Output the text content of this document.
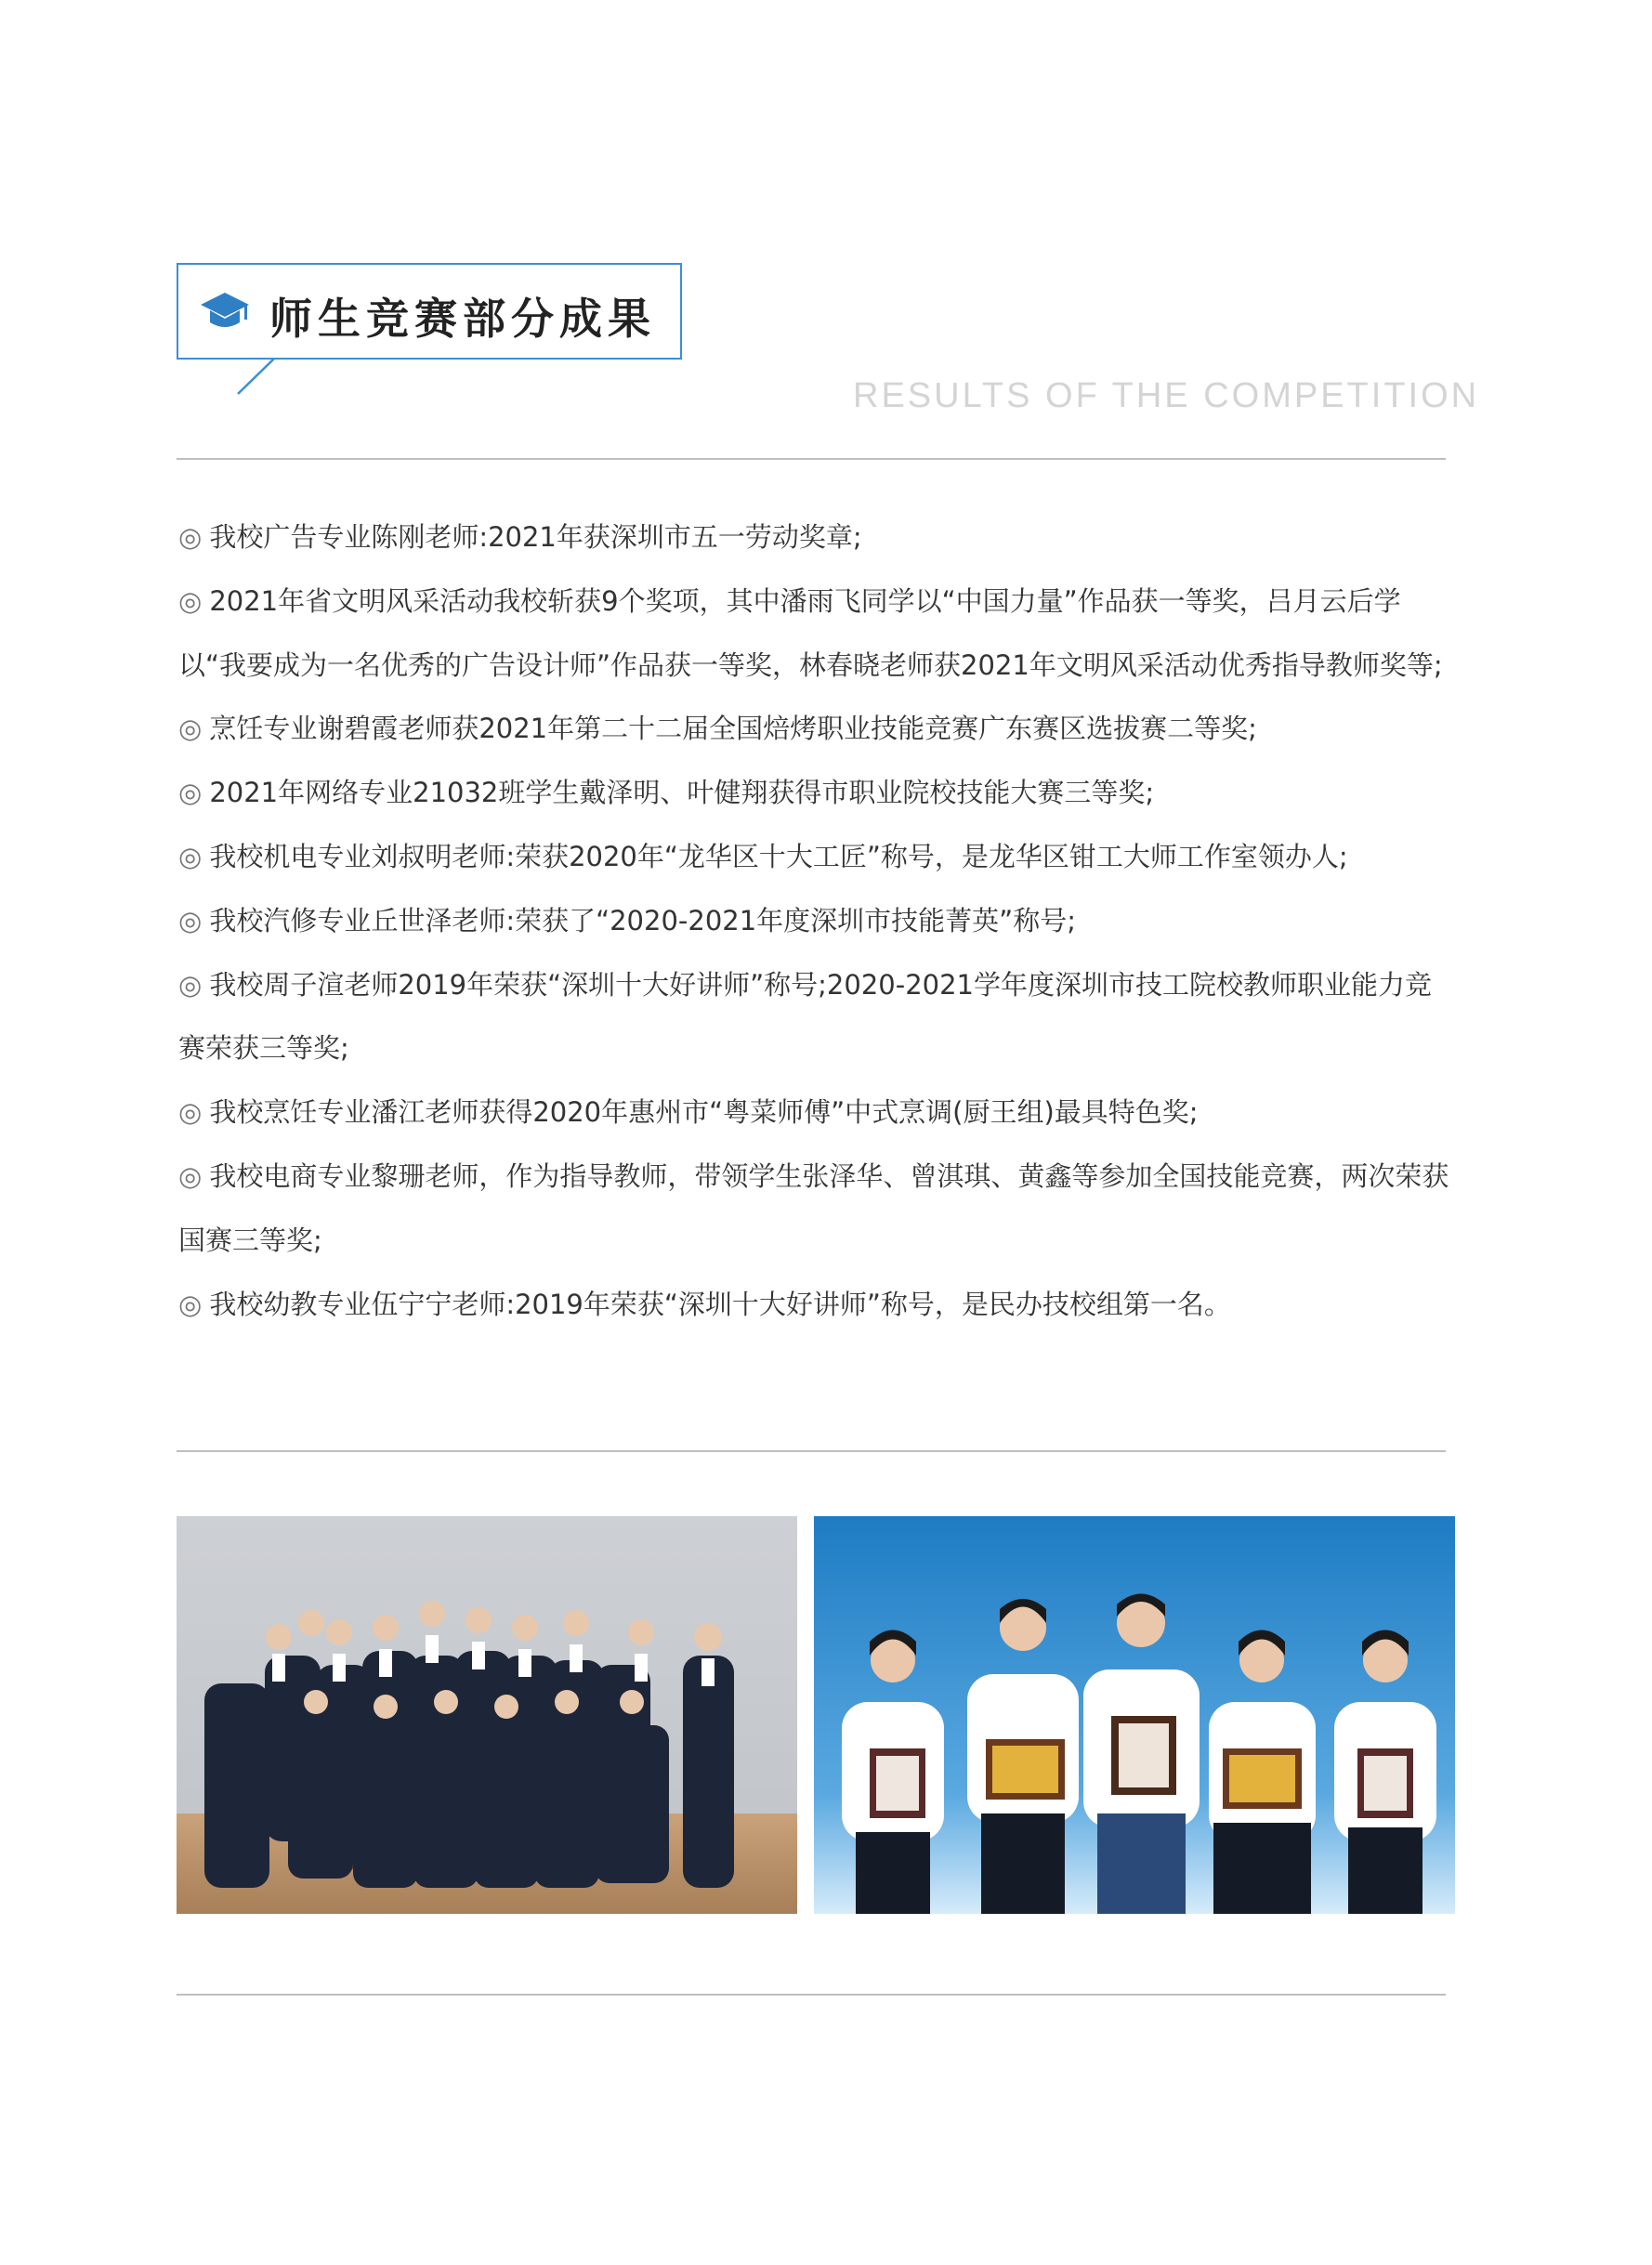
师生竞赛部分成果
RESULTS OF THE COMPETITION

◎ 我校广告专业陈刚老师:2021年获深圳市五一劳动奖章;

◎ 2021年省文明风采活动我校斩获9个奖项，其中潘雨飞同学以“中国力量”作品获一等奖，吕月云后学以“我要成为一名优秀的广告设计师”作品获一等奖，林春晓老师获2021年文明风采活动优秀指导教师奖等;

◎ 烹饪专业谢碧霞老师获2021年第二十二届全国焙烤职业技能竞赛广东赛区选拔赛二等奖;

◎ 2021年网络专业21032班学生戴泽明、叶健翔获得市职业院校技能大赛三等奖;

◎ 我校机电专业刘叔明老师:荣获2020年“龙华区十大工匠”称号，是龙华区钳工大师工作室领办人;

◎ 我校汽修专业丘世泽老师:荣获了“2020-2021年度深圳市技能菁英”称号;

◎ 我校周子渲老师2019年荣获“深圳十大好讲师”称号;2020-2021学年度深圳市技工院校教师职业能力竞赛荣获三等奖;

◎ 我校烹饪专业潘江老师获得2020年惠州市“粤菜师傅”中式烹调(厨王组)最具特色奖;

◎ 我校电商专业黎珊老师，作为指导教师，带领学生张泽华、曾淇琪、黄鑫等参加全国技能竞赛，两次荣获国赛三等奖;

◎ 我校幼教专业伍宁宁老师:2019年荣获“深圳十大好讲师”称号，是民办技校组第一名。
